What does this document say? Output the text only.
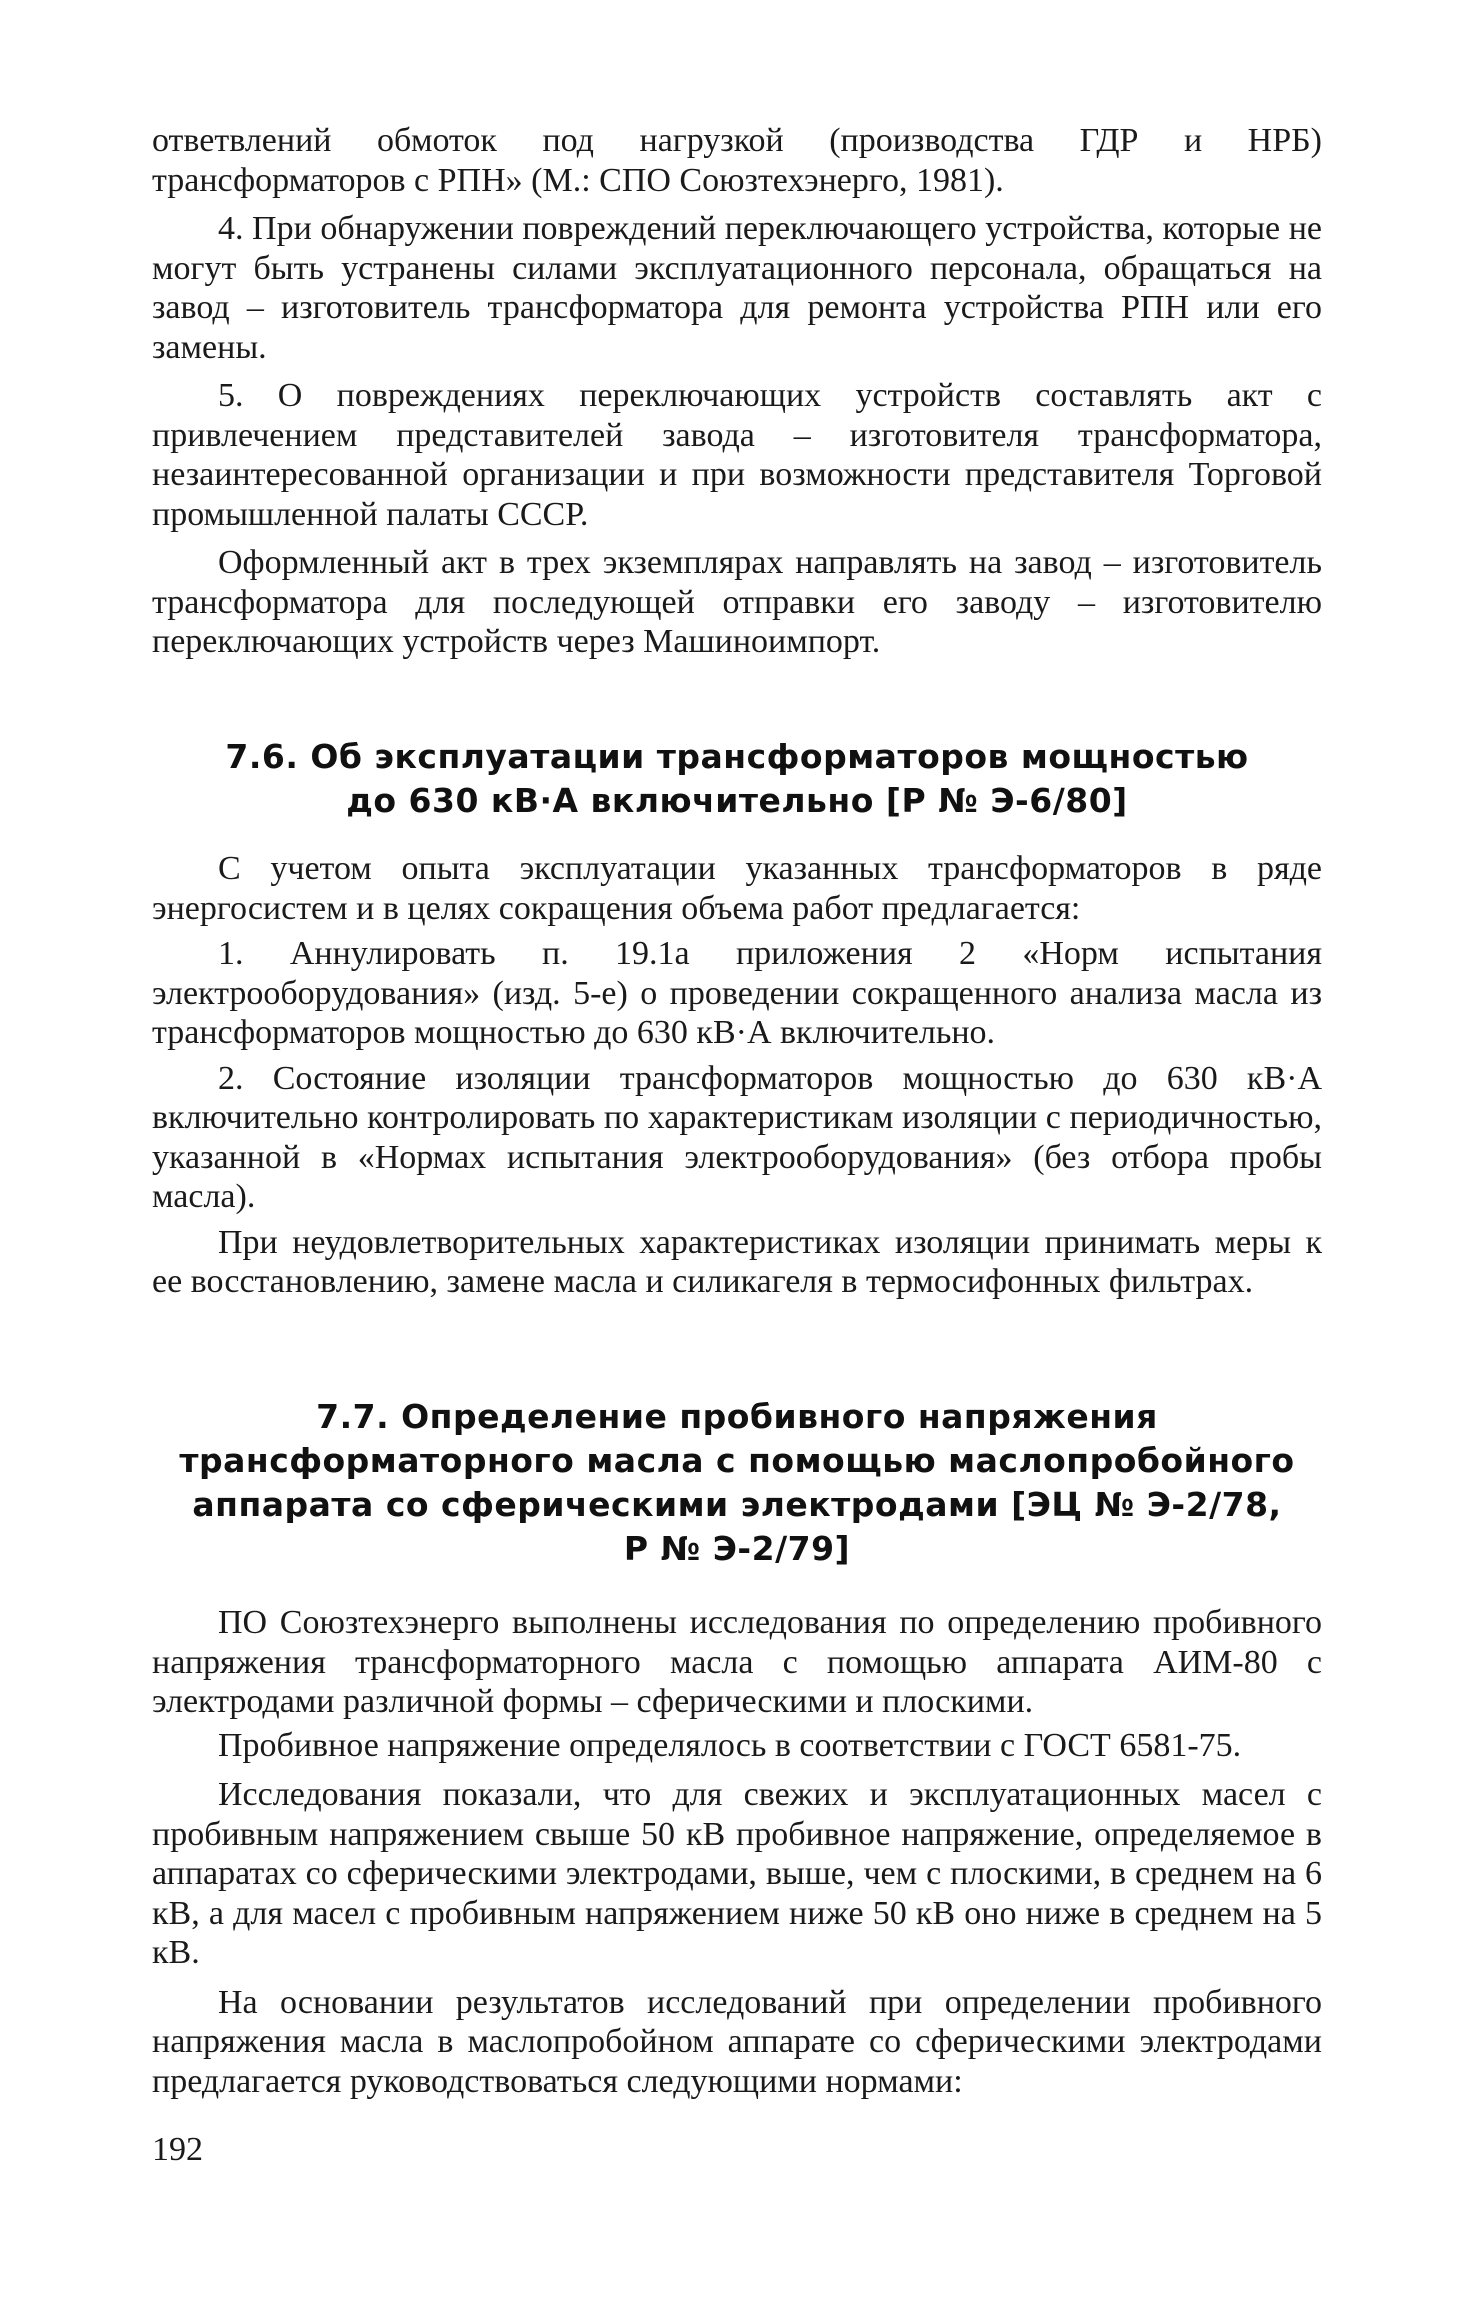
ответвлений обмоток под нагрузкой (производства ГДР и НРБ) трансформаторов с РПН» (М.: СПО Союзтехэнерго, 1981).

4. При обнаружении повреждений переключающего устройства, которые не могут быть устранены силами эксплуатационного персонала, обращаться на завод – изготовитель трансформатора для ремонта устройства РПН или его замены.

5. О повреждениях переключающих устройств составлять акт с привлечением представителей завода – изготовителя трансформатора, незаинтересованной организации и при возможности представителя Торговой промышленной палаты СССР.

Оформленный акт в трех экземплярах направлять на завод – изготовитель трансформатора для последующей отправки его заводу – изготовителю переключающих устройств через Машиноимпорт.

7.6. Об эксплуатации трансформаторов мощностью
до 630 кВ·А включительно [Р № Э-6/80]

С учетом опыта эксплуатации указанных трансформаторов в ряде энергосистем и в целях сокращения объема работ предлагается:

1. Аннулировать п. 19.1а приложения 2 «Норм испытания электрооборудования» (изд. 5-е) о проведении сокращенного анализа масла из трансформаторов мощностью до 630 кВ·А включительно.

2. Состояние изоляции трансформаторов мощностью до 630 кВ·А включительно контролировать по характеристикам изоляции с периодичностью, указанной в «Нормах испытания электрооборудования» (без отбора пробы масла).

При неудовлетворительных характеристиках изоляции принимать меры к ее восстановлению, замене масла и силикагеля в термосифонных фильтрах.

7.7. Определение пробивного напряжения
трансформаторного масла с помощью маслопробойного
аппарата со сферическими электродами [ЭЦ № Э-2/78,
Р № Э-2/79]

ПО Союзтехэнерго выполнены исследования по определению пробивного напряжения трансформаторного масла с помощью аппарата АИМ-80 с электродами различной формы – сферическими и плоскими.

Пробивное напряжение определялось в соответствии с ГОСТ 6581-75.

Исследования показали, что для свежих и эксплуатационных масел с пробивным напряжением свыше 50 кВ пробивное напряжение, определяемое в аппаратах со сферическими электродами, выше, чем с плоскими, в среднем на 6 кВ, а для масел с пробивным напряжением ниже 50 кВ оно ниже в среднем на 5 кВ.

На основании результатов исследований при определении пробивного напряжения масла в маслопробойном аппарате со сферическими электродами предлагается руководствоваться следующими нормами:

192
